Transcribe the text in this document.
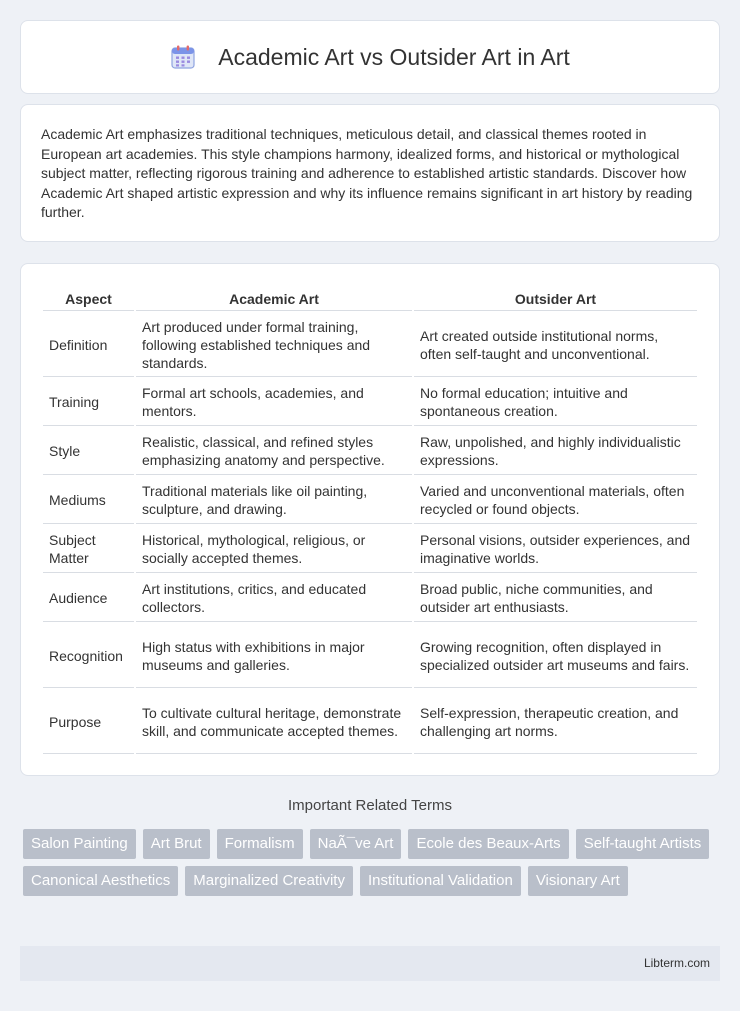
Academic Art vs Outsider Art in Art

Academic Art emphasizes traditional techniques, meticulous detail, and classical themes rooted in European art academies. This style champions harmony, idealized forms, and historical or mythological subject matter, reflecting rigorous training and adherence to established artistic standards. Discover how Academic Art shaped artistic expression and why its influence remains significant in art history by reading further.

Aspect	Academic Art	Outsider Art
Definition	Art produced under formal training, following established techniques and standards.	Art created outside institutional norms, often self-taught and unconventional.
Training	Formal art schools, academies, and mentors.	No formal education; intuitive and spontaneous creation.
Style	Realistic, classical, and refined styles emphasizing anatomy and perspective.	Raw, unpolished, and highly individualistic expressions.
Mediums	Traditional materials like oil painting, sculpture, and drawing.	Varied and unconventional materials, often recycled or found objects.
Subject Matter	Historical, mythological, religious, or socially accepted themes.	Personal visions, outsider experiences, and imaginative worlds.
Audience	Art institutions, critics, and educated collectors.	Broad public, niche communities, and outsider art enthusiasts.
Recognition	High status with exhibitions in major museums and galleries.	Growing recognition, often displayed in specialized outsider art museums and fairs.
Purpose	To cultivate cultural heritage, demonstrate skill, and communicate accepted themes.	Self-expression, therapeutic creation, and challenging art norms.
Important Related Terms
Salon Painting	Art Brut	Formalism	NaÃ¯ve Art	Ecole des Beaux-Arts	Self-taught Artists
Canonical Aesthetics	Marginalized Creativity	Institutional Validation	Visionary Art
Libterm.com
